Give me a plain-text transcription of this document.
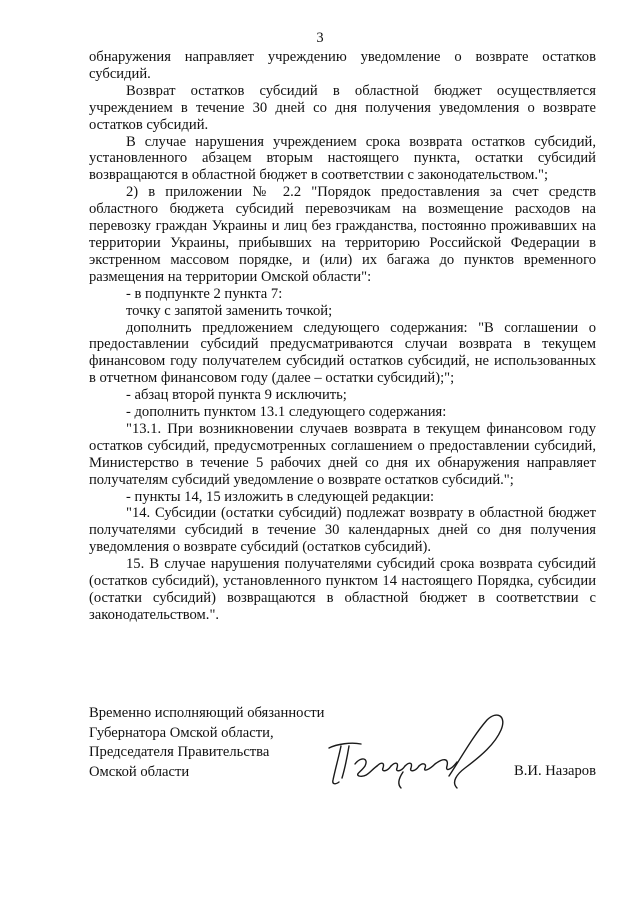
3

обнаружения направляет учреждению уведомление о возврате остатков субсидий.

Возврат остатков субсидий в областной бюджет осуществляется учреждением в течение 30 дней со дня получения уведомления о возврате остатков субсидий.

В случае нарушения учреждением срока возврата остатков субсидий, установленного абзацем вторым настоящего пункта, остатки субсидий возвращаются в областной бюджет в соответствии с законодательством.";

2) в приложении № 2.2 "Порядок предоставления за счет средств областного бюджета субсидий перевозчикам на возмещение расходов на перевозку граждан Украины и лиц без гражданства, постоянно проживавших на территории Украины, прибывших на территорию Российской Федерации в экстренном массовом порядке, и (или) их багажа до пунктов временного размещения на территории Омской области":

- в подпункте 2 пункта 7:

точку с запятой заменить точкой;

дополнить предложением следующего содержания: "В соглашении о предоставлении субсидий предусматриваются случаи возврата в текущем финансовом году получателем субсидий остатков субсидий, не использованных в отчетном финансовом году (далее – остатки субсидий);";

- абзац второй пункта 9 исключить;

- дополнить пунктом 13.1 следующего содержания:

"13.1. При возникновении случаев возврата в текущем финансовом году остатков субсидий, предусмотренных соглашением о предоставлении субсидий, Министерство в течение 5 рабочих дней со дня их обнаружения направляет получателям субсидий уведомление о возврате остатков субсидий.";

- пункты 14, 15 изложить в следующей редакции:

"14. Субсидии (остатки субсидий) подлежат возврату в областной бюджет получателями субсидий в течение 30 календарных дней со дня получения уведомления о возврате субсидий (остатков субсидий).

15. В случае нарушения получателями субсидий срока возврата субсидий (остатков субсидий), установленного пунктом 14 настоящего Порядка, субсидии (остатки субсидий) возвращаются в областной бюджет в соответствии с законодательством.".

Временно исполняющий обязанности
Губернатора Омской области,
Председателя Правительства
Омской области	В.И. Назаров
